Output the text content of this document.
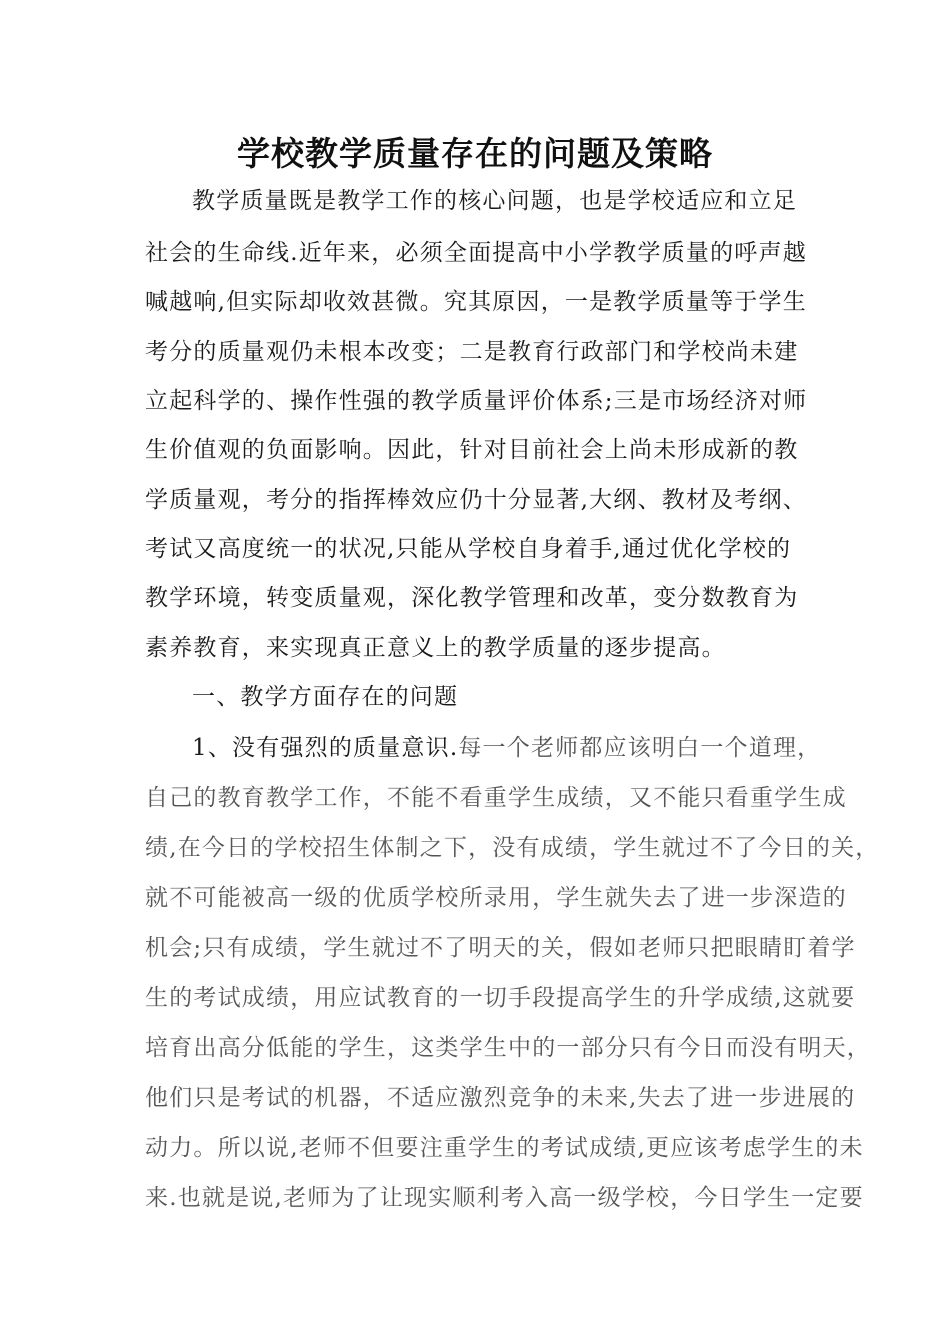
学校教学质量存在的问题及策略
教学质量既是教学工作的核心问题，也是学校适应和立足
社会的生命线.近年来，必须全面提高中小学教学质量的呼声越
喊越响,但实际却收效甚微。究其原因，一是教学质量等于学生
考分的质量观仍未根本改变；二是教育行政部门和学校尚未建
立起科学的、操作性强的教学质量评价体系;三是市场经济对师
生价值观的负面影响。因此，针对目前社会上尚未形成新的教
学质量观，考分的指挥棒效应仍十分显著,大纲、教材及考纲、
考试又高度统一的状况,只能从学校自身着手,通过优化学校的
教学环境，转变质量观，深化教学管理和改革，变分数教育为
素养教育，来实现真正意义上的教学质量的逐步提高。
一、教学方面存在的问题
1、没有强烈的质量意识.每一个老师都应该明白一个道理，
自己的教育教学工作，不能不看重学生成绩，又不能只看重学生成
绩,在今日的学校招生体制之下，没有成绩，学生就过不了今日的关，
就不可能被高一级的优质学校所录用，学生就失去了进一步深造的
机会;只有成绩，学生就过不了明天的关，假如老师只把眼睛盯着学
生的考试成绩，用应试教育的一切手段提高学生的升学成绩,这就要
培育出高分低能的学生，这类学生中的一部分只有今日而没有明天，
他们只是考试的机器，不适应激烈竞争的未来,失去了进一步进展的
动力。所以说,老师不但要注重学生的考试成绩,更应该考虑学生的未
来.也就是说,老师为了让现实顺利考入高一级学校，今日学生一定要
